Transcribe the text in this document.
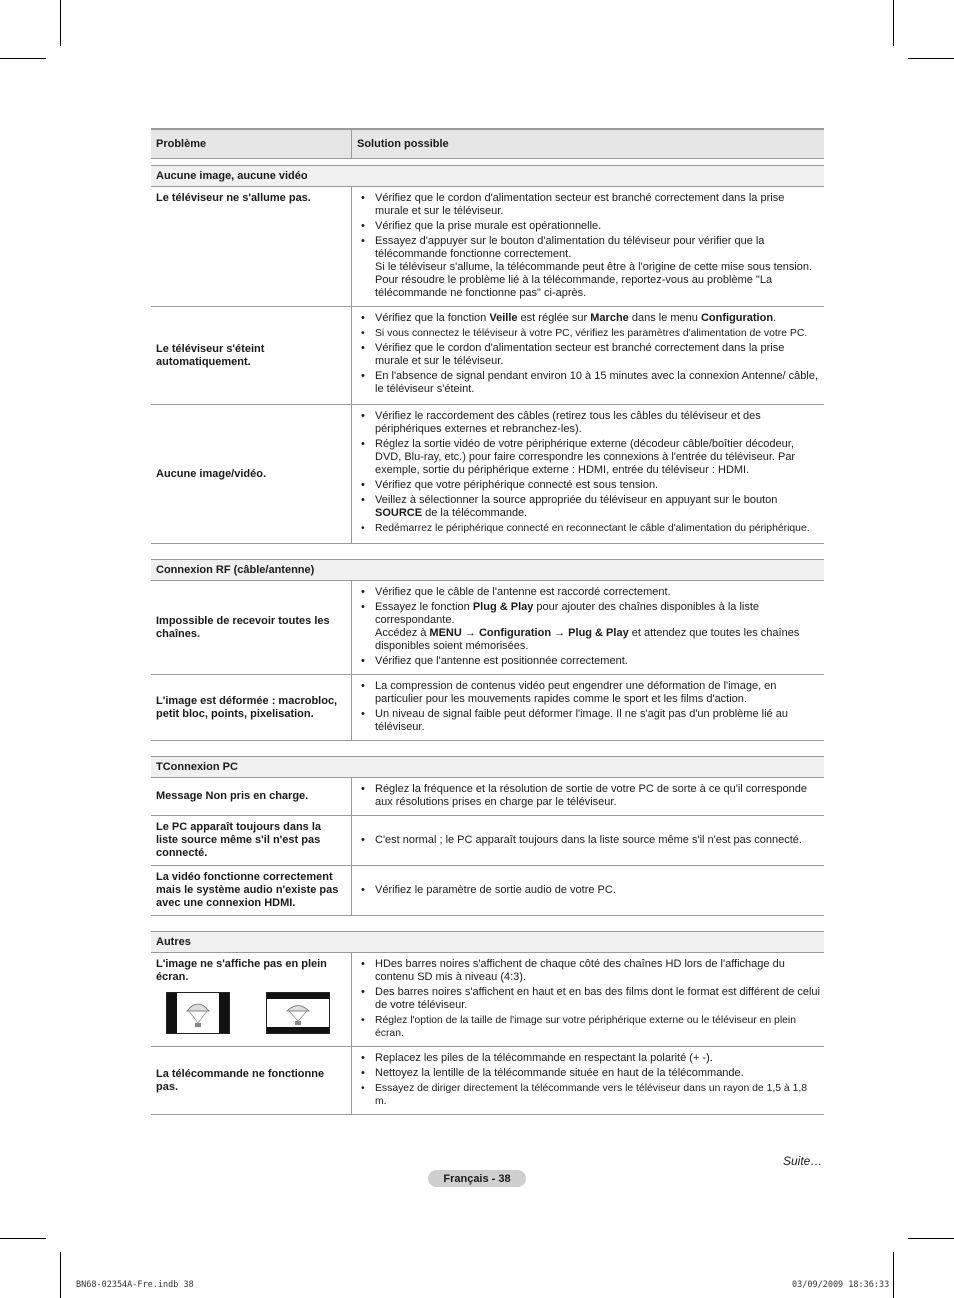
Problème	Solution possible
Aucune image, aucune vidéo
Le téléviseur ne s'allume pas.
•	Vérifiez que le cordon d'alimentation secteur est branché correctement dans la prise murale et sur le téléviseur.
• Vérifiez que la prise murale est opérationnelle.
• Essayez d'appuyer sur le bouton d'alimentation du téléviseur pour vérifier que la télécommande fonctionne correctement.
Si le téléviseur s'allume, la télécommande peut être à l'origine de cette mise sous tension. Pour résoudre le problème lié à la télécommande, reportez-vous au problème "La télécommande ne fonctionne pas" ci-après.
Le téléviseur s'éteint automatiquement.
• Vérifiez que la fonction Veille est réglée sur Marche dans le menu Configuration.
• Si vous connectez le téléviseur à votre PC, vérifiez les paramètres d'alimentation de votre PC.
• Vérifiez que le cordon d'alimentation secteur est branché correctement dans la prise murale et sur le téléviseur.
• En l'absence de signal pendant environ 10 à 15 minutes avec la connexion Antenne/ câble, le téléviseur s'éteint.
Aucune image/vidéo.
• Vérifiez le raccordement des câbles (retirez tous les câbles du téléviseur et des périphériques externes et rebranchez-les).
• Réglez la sortie vidéo de votre périphérique externe (décodeur câble/boîtier décodeur, DVD, Blu-ray, etc.) pour faire correspondre les connexions à l'entrée du téléviseur. Par exemple, sortie du périphérique externe : HDMI, entrée du téléviseur : HDMI.
• Vérifiez que votre périphérique connecté est sous tension.
• Veillez à sélectionner la source appropriée du téléviseur en appuyant sur le bouton SOURCE de la télécommande.
• Redémarrez le périphérique connecté en reconnectant le câble d'alimentation du périphérique.
Connexion RF (câble/antenne)
Impossible de recevoir toutes les chaînes.
• Vérifiez que le câble de l'antenne est raccordé correctement.
• Essayez le fonction Plug & Play pour ajouter des chaînes disponibles à la liste correspondante.
Accédez à MENU → Configuration → Plug & Play et attendez que toutes les chaînes disponibles soient mémorisées.
• Vérifiez que l'antenne est positionnée correctement.
L'image est déformée : macrobloc, petit bloc, points, pixelisation.
• La compression de contenus vidéo peut engendrer une déformation de l'image, en particulier pour les mouvements rapides comme le sport et les films d'action.
• Un niveau de signal faible peut déformer l'image. Il ne s'agit pas d'un problème lié au téléviseur.
TConnexion PC
Message Non pris en charge.
• Réglez la fréquence et la résolution de sortie de votre PC de sorte à ce qu'il corresponde aux résolutions prises en charge par le téléviseur.
Le PC apparaît toujours dans la liste source même s'il n'est pas connecté.
• C'est normal ; le PC apparaît toujours dans la liste source même s'il n'est pas connecté.
La vidéo fonctionne correctement mais le système audio n'existe pas avec une connexion HDMI.
• Vérifiez le paramètre de sortie audio de votre PC.
Autres
L'image ne s'affiche pas en plein écran.
• HDes barres noires s'affichent de chaque côté des chaînes HD lors de l'affichage du contenu SD mis à niveau (4:3).
• Des barres noires s'affichent en haut et en bas des films dont le format est différent de celui de votre téléviseur.
• Réglez l'option de la taille de l'image sur votre périphérique externe ou le téléviseur en plein écran.
La télécommande ne fonctionne pas.
• Replacez les piles de la télécommande en respectant la polarité (+ -).
• Nettoyez la lentille de la télécommande située en haut de la télécommande.
• Essayez de diriger directement la télécommande vers le téléviseur dans un rayon de 1,5 à 1,8 m.
Suite…
Français - 38
BN68-02354A-Fre.indb 38	03/09/2009 18:36:33
